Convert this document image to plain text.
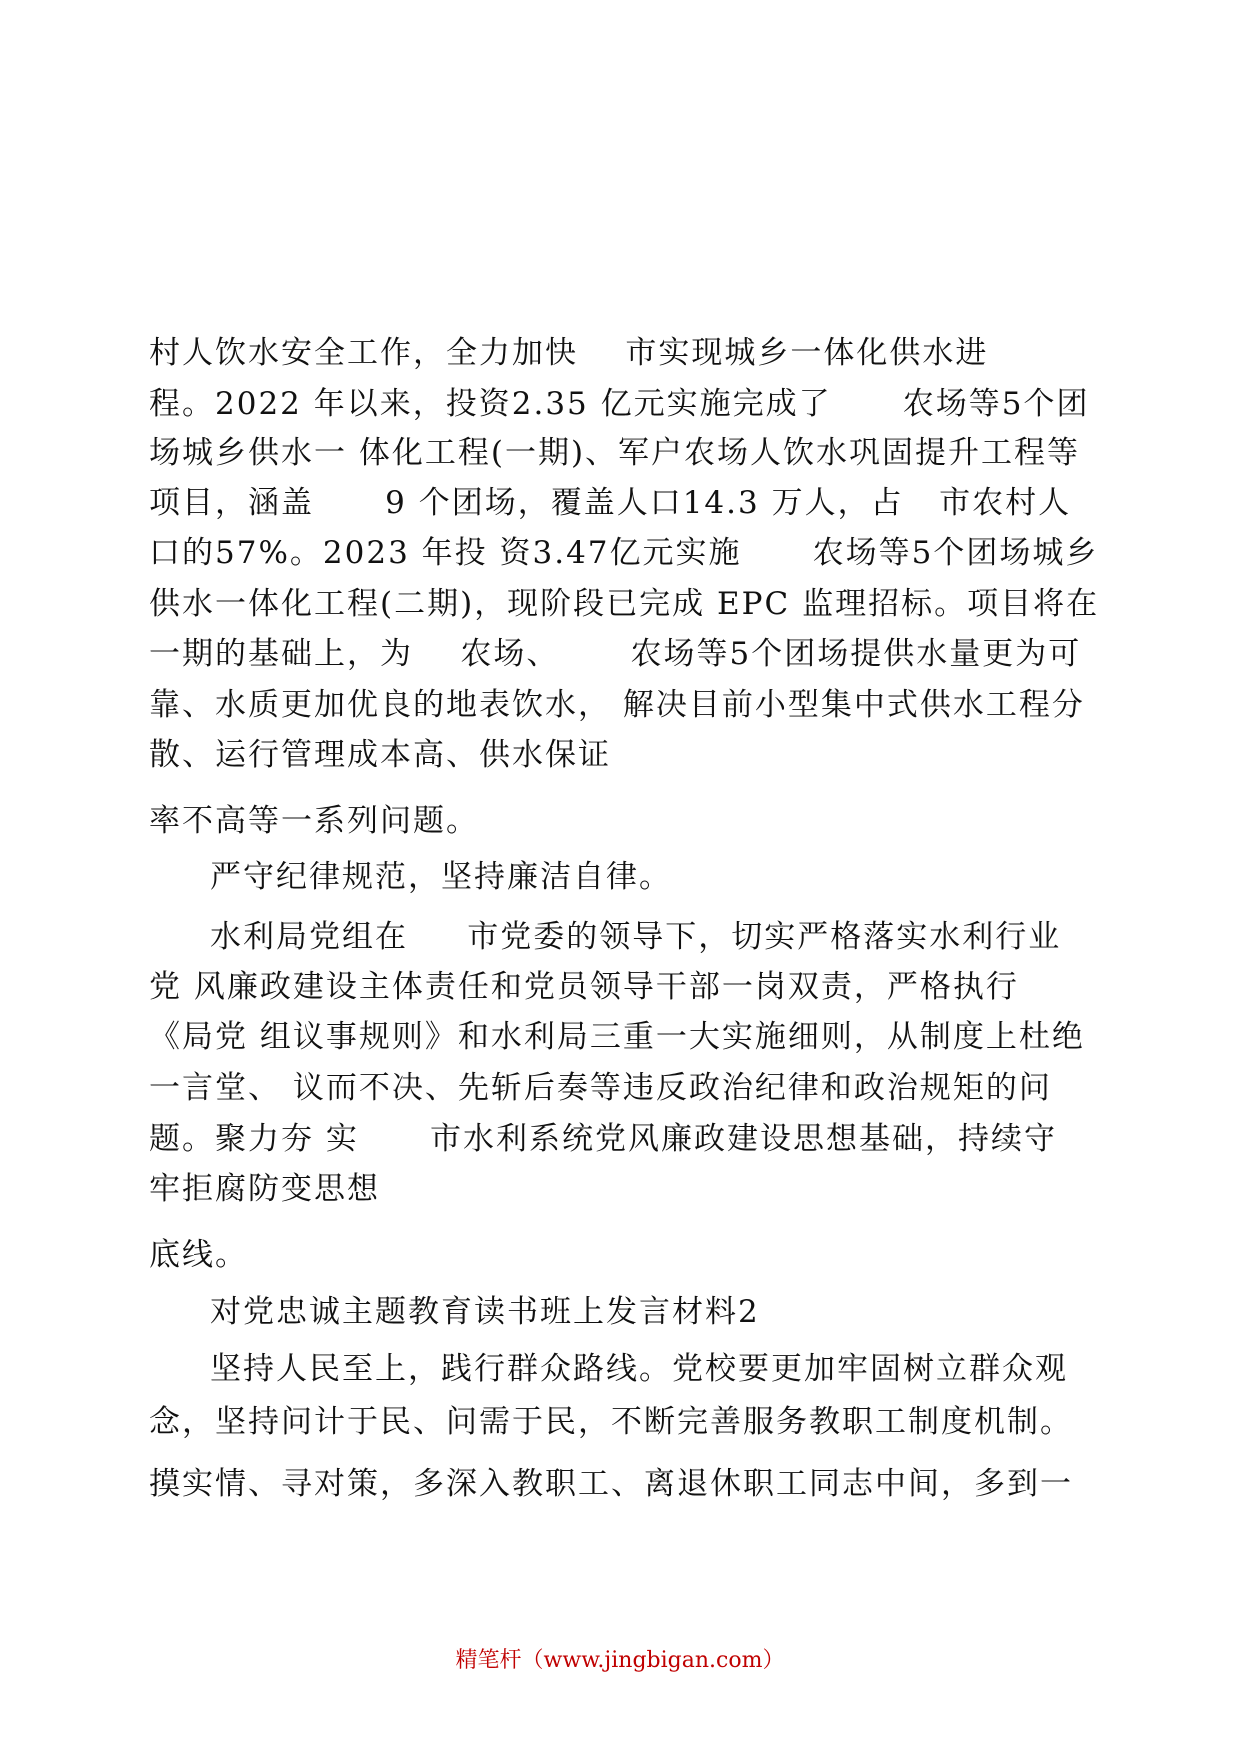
村人饮水安全工作，全力加快    市实现城乡一体化供水进
程。2022 年以来，投资2.35 亿元实施完成了      农场等5个团
场城乡供水一 体化工程(一期)、军户农场人饮水巩固提升工程等
项目，涵盖      9 个团场，覆盖人口14.3 万人，占   市农村人
口的57%。2023 年投 资3.47亿元实施      农场等5个团场城乡
供水一体化工程(二期)，现阶段已完成 EPC 监理招标。项目将在
一期的基础上，为    农场、      农场等5个团场提供水量更为可
靠、水质更加优良的地表饮水， 解决目前小型集中式供水工程分
散、运行管理成本高、供水保证
率不高等一系列问题。
严守纪律规范，坚持廉洁自律。
水利局党组在     市党委的领导下，切实严格落实水利行业
党 风廉政建设主体责任和党员领导干部一岗双责，严格执行
《局党 组议事规则》和水利局三重一大实施细则，从制度上杜绝
一言堂、 议而不决、先斩后奏等违反政治纪律和政治规矩的问
题。聚力夯 实      市水利系统党风廉政建设思想基础，持续守
牢拒腐防变思想
底线。
对党忠诚主题教育读书班上发言材料2
坚持人民至上，践行群众路线。党校要更加牢固树立群众观
念，坚持问计于民、问需于民，不断完善服务教职工制度机制。
摸实情、寻对策，多深入教职工、离退休职工同志中间，多到一
精笔杆（www.jingbigan.com）
